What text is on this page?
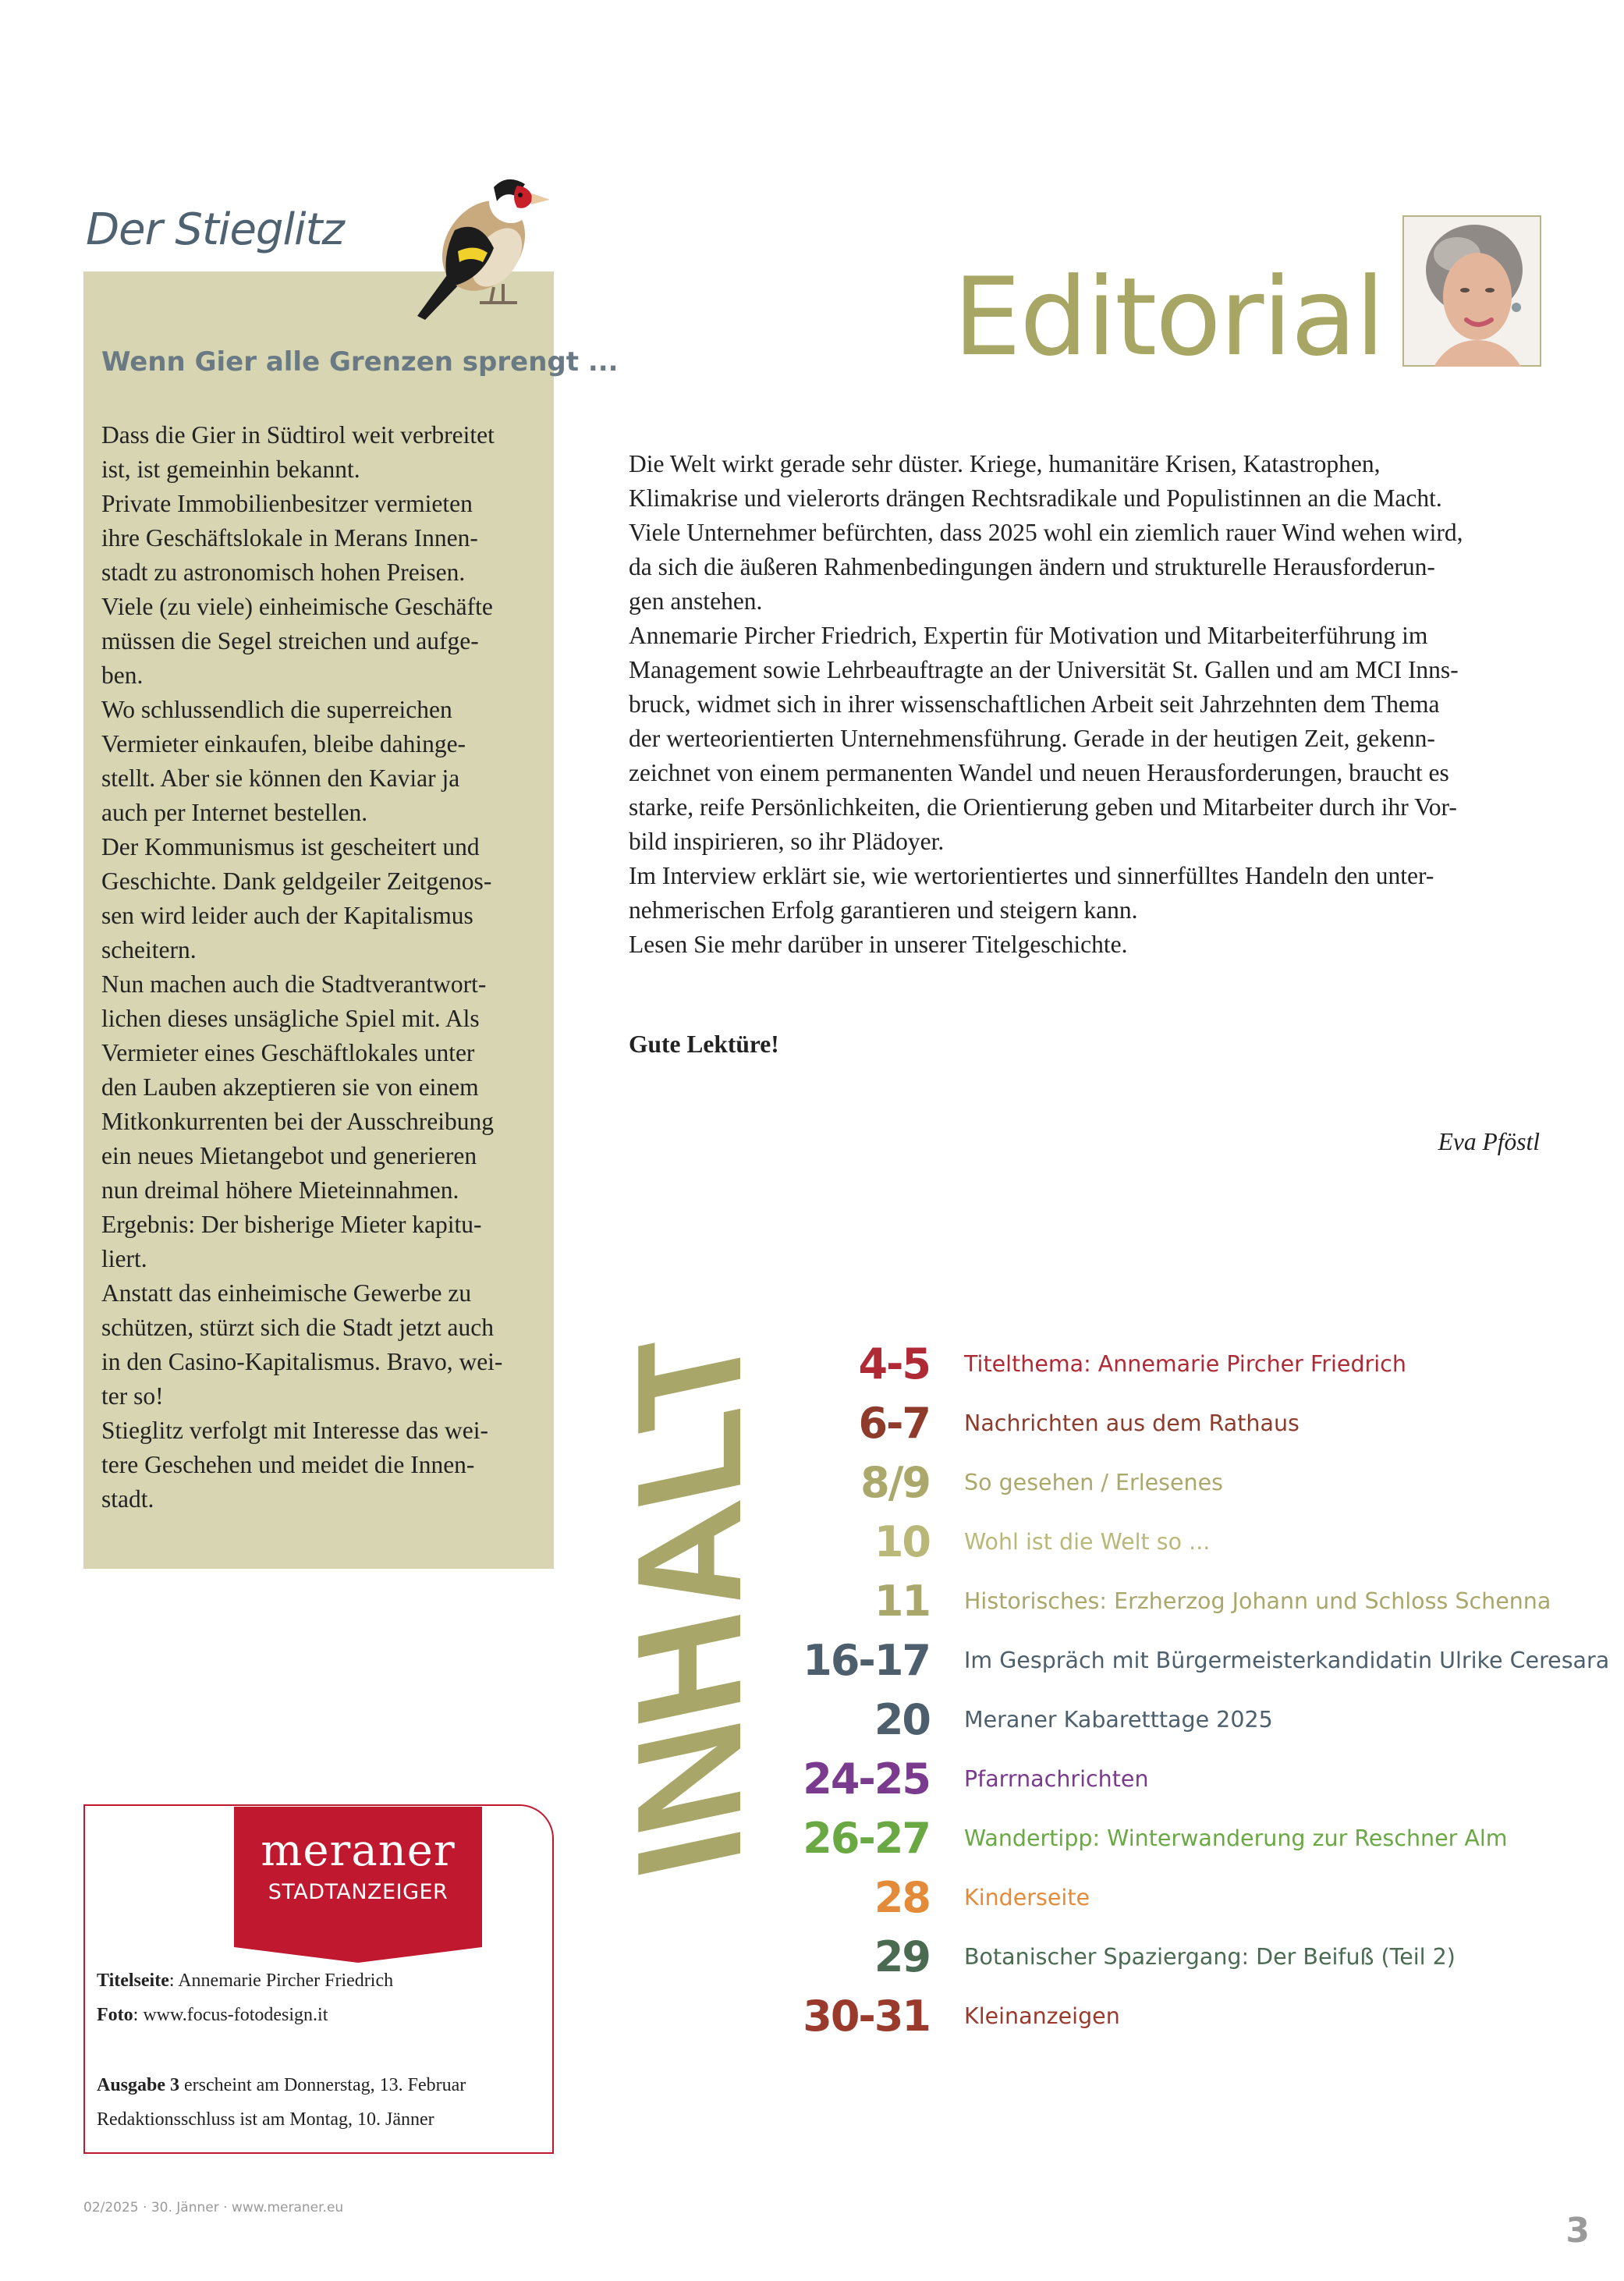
Der Stieglitz
Wenn Gier alle Grenzen sprengt ...
Dass die Gier in Südtirol weit verbreitet
ist, ist gemeinhin bekannt.
Private Immobilienbesitzer vermieten
ihre Geschäftslokale in Merans Innen-
stadt zu astronomisch hohen Preisen.
Viele (zu viele) einheimische Geschäfte
müssen die Segel streichen und aufge-
ben.
Wo schlussendlich die superreichen
Vermieter einkaufen, bleibe dahinge-
stellt. Aber sie können den Kaviar ja
auch per Internet bestellen.
Der Kommunismus ist gescheitert und
Geschichte. Dank geldgeiler Zeitgenos-
sen wird leider auch der Kapitalismus
scheitern.
Nun machen auch die Stadtverantwort-
lichen dieses unsägliche Spiel mit. Als
Vermieter eines Geschäftlokales unter
den Lauben akzeptieren sie von einem
Mitkonkurrenten bei der Ausschreibung
ein neues Mietangebot und generieren
nun dreimal höhere Mieteinnahmen.
Ergebnis: Der bisherige Mieter kapitu-
liert.
Anstatt das einheimische Gewerbe zu
schützen, stürzt sich die Stadt jetzt auch
in den Casino-Kapitalismus. Bravo, wei-
ter so!
Stieglitz verfolgt mit Interesse das wei-
tere Geschehen und meidet die Innen-
stadt.
meraner
STADTANZEIGER
Titelseite: Annemarie Pircher Friedrich
Foto: www.focus-fotodesign.it
Ausgabe 3 erscheint am Donnerstag, 13. Februar
Redaktionsschluss ist am Montag, 10. Jänner
Editorial
Die Welt wirkt gerade sehr düster. Kriege, humanitäre Krisen, Katastrophen,
Klimakrise und vielerorts drängen Rechtsradikale und Populistinnen an die Macht.
Viele Unternehmer befürchten, dass 2025 wohl ein ziemlich rauer Wind wehen wird,
da sich die äußeren Rahmenbedingungen ändern und strukturelle Herausforderun-
gen anstehen.
Annemarie Pircher Friedrich, Expertin für Motivation und Mitarbeiterführung im
Management sowie Lehrbeauftragte an der Universität St. Gallen und am MCI Inns-
bruck, widmet sich in ihrer wissenschaftlichen Arbeit seit Jahrzehnten dem Thema
der werteorientierten Unternehmensführung. Gerade in der heutigen Zeit, gekenn-
zeichnet von einem permanenten Wandel und neuen Herausforderungen, braucht es
starke, reife Persönlichkeiten, die Orientierung geben und Mitarbeiter durch ihr Vor-
bild inspirieren, so ihr Plädoyer.
Im Interview erklärt sie, wie wertorientiertes und sinnerfülltes Handeln den unter-
nehmerischen Erfolg garantieren und steigern kann.
Lesen Sie mehr darüber in unserer Titelgeschichte.
Gute Lektüre!
Eva Pföstl
INHALT 4-5 Titelthema: Annemarie Pircher Friedrich
6-7 Nachrichten aus dem Rathaus
8/9 So gesehen / Erlesenes
10 Wohl ist die Welt so ...
11 Historisches: Erzherzog Johann und Schloss Schenna
16-17 Im Gespräch mit Bürgermeisterkandidatin Ulrike Ceresara
20 Meraner Kabaretttage 2025
24-25 Pfarrnachrichten
26-27 Wandertipp: Winterwanderung zur Reschner Alm
28 Kinderseite
29 Botanischer Spaziergang: Der Beifuß (Teil 2)
30-31 Kleinanzeigen
02/2025 · 30. Jänner · www.meraner.eu
3
